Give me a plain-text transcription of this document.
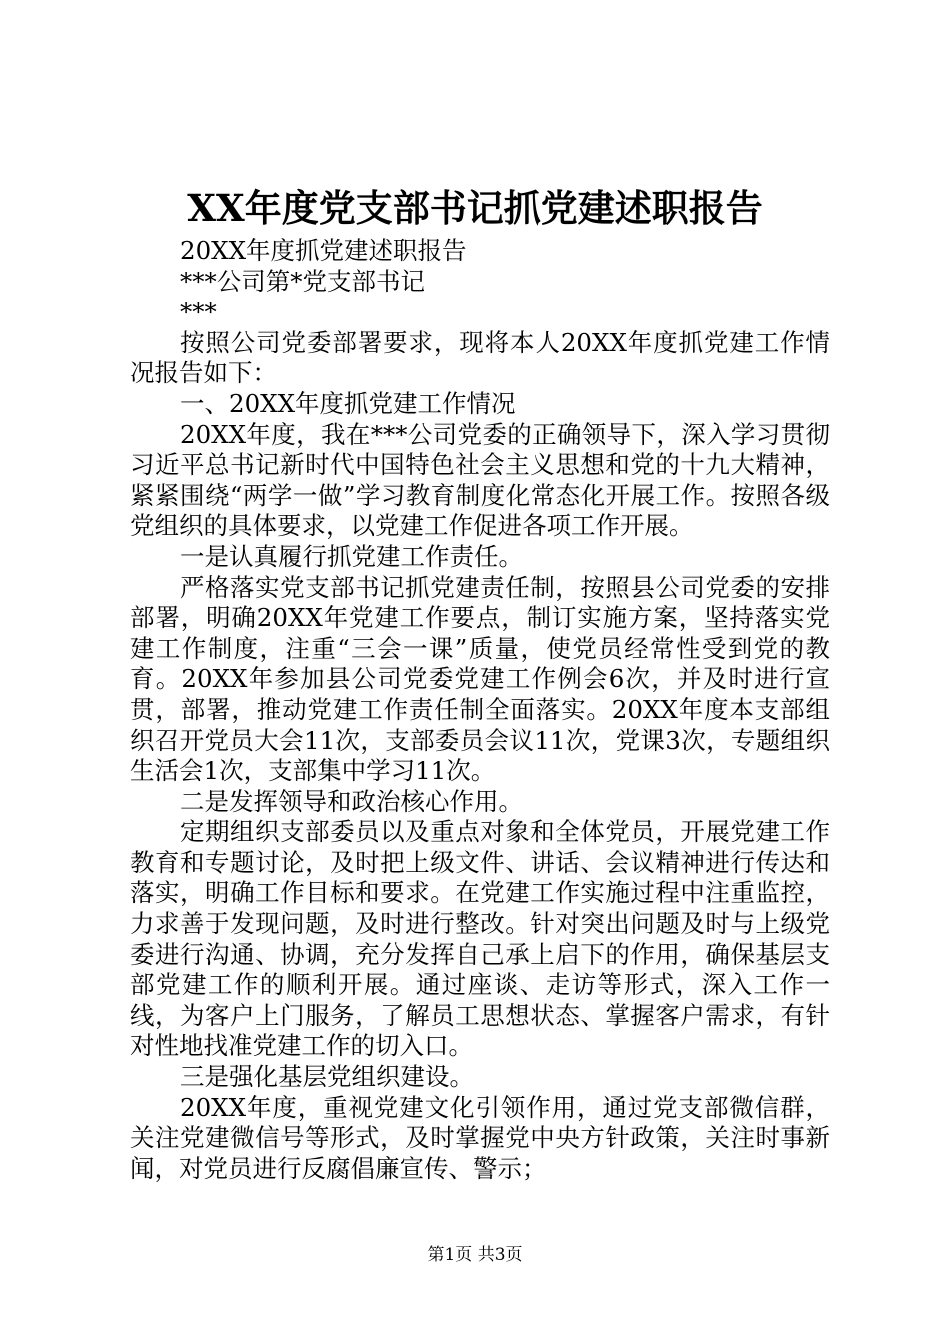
XX年度党支部书记抓党建述职报告

20XX年度抓党建述职报告

***公司第*党支部书记

***

按照公司党委部署要求，现将本人20XX年度抓党建工作情况报告如下：

一、20XX年度抓党建工作情况

20XX年度，我在***公司党委的正确领导下，深入学习贯彻习近平总书记新时代中国特色社会主义思想和党的十九大精神，紧紧围绕“两学一做”学习教育制度化常态化开展工作。按照各级党组织的具体要求，以党建工作促进各项工作开展。

一是认真履行抓党建工作责任。

严格落实党支部书记抓党建责任制，按照县公司党委的安排部署，明确20XX年党建工作要点，制订实施方案，坚持落实党建工作制度，注重“三会一课”质量，使党员经常性受到党的教育。20XX年参加县公司党委党建工作例会6次，并及时进行宣贯，部署，推动党建工作责任制全面落实。20XX年度本支部组织召开党员大会11次，支部委员会议11次，党课3次，专题组织生活会1次，支部集中学习11次。

二是发挥领导和政治核心作用。

定期组织支部委员以及重点对象和全体党员，开展党建工作教育和专题讨论，及时把上级文件、讲话、会议精神进行传达和落实，明确工作目标和要求。在党建工作实施过程中注重监控，力求善于发现问题，及时进行整改。针对突出问题及时与上级党委进行沟通、协调，充分发挥自己承上启下的作用，确保基层支部党建工作的顺利开展。通过座谈、走访等形式，深入工作一线，为客户上门服务，了解员工思想状态、掌握客户需求，有针对性地找准党建工作的切入口。

三是强化基层党组织建设。

20XX年度，重视党建文化引领作用，通过党支部微信群，关注党建微信号等形式，及时掌握党中央方针政策，关注时事新闻，对党员进行反腐倡廉宣传、警示；

第1页 共3页
